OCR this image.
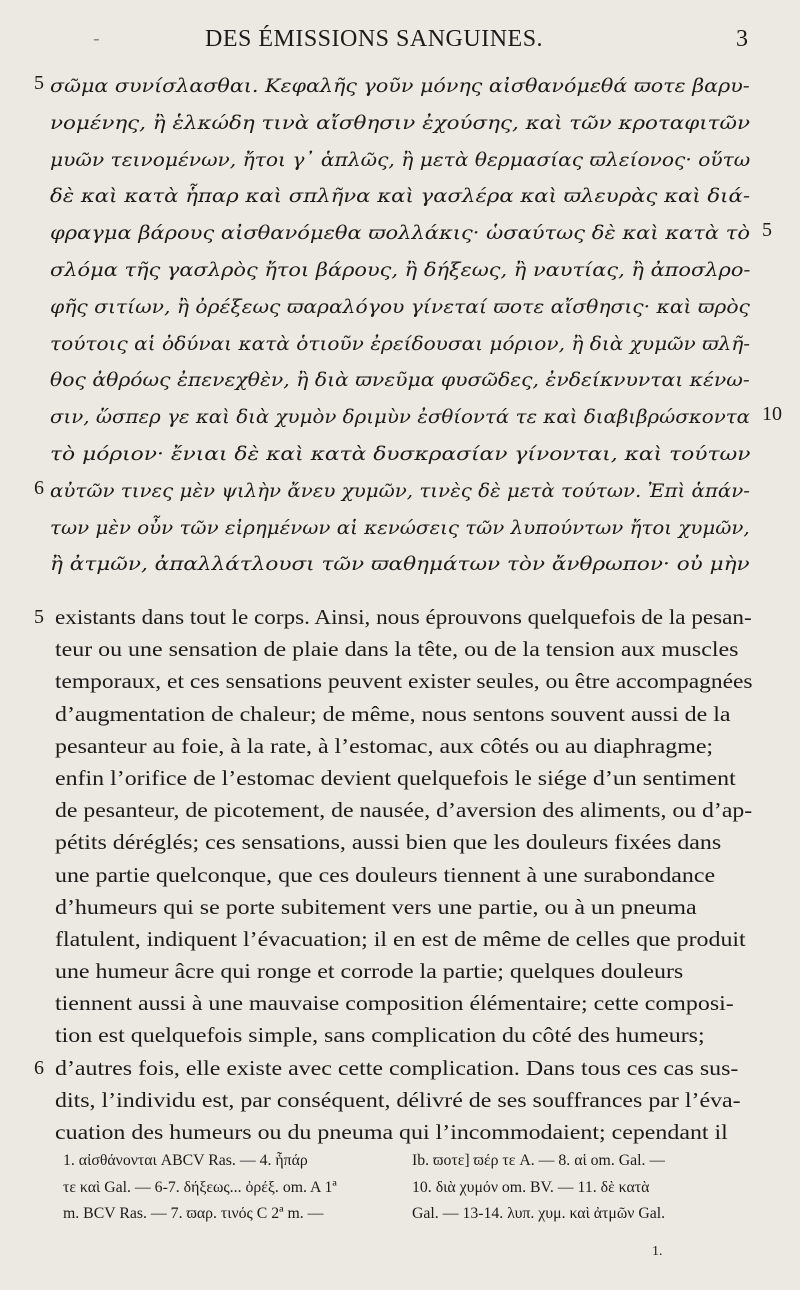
-	DES ÉMISSIONS SANGUINES.	3
σῶμα συνίσλασθαι. Κεφαλῆς γοῦν μόνης αἰσθανόμεθά ϖοτε βαρυ-
νομένης, ἢ ἑλκώδη τινὰ αἴσθησιν ἐχούσης, καὶ τῶν κροταφιτῶν
μυῶν τεινομένων, ἤτοι γ᾽ ἁπλῶς, ἢ μετὰ θερμασίας ϖλείονος· οὕτω
δὲ καὶ κατὰ ἧπαρ καὶ σπλῆνα καὶ γασλέρα καὶ ϖλευρὰς καὶ διά-
φραγμα βάρους αἰσθανόμεθα ϖολλάκις· ὡσαύτως δὲ καὶ κατὰ τὸ
σλόμα τῆς γασλρὸς ἤτοι βάρους, ἢ δήξεως, ἢ ναυτίας, ἢ ἀποσλρο-
φῆς σιτίων, ἢ ὀρέξεως ϖαραλόγου γίνεταί ϖοτε αἴσθησις· καὶ ϖρὸς
τούτοις αἱ ὀδύναι κατὰ ὁτιοῦν ἐρείδουσαι μόριον, ἢ διὰ χυμῶν ϖλῆ-
θος ἀθρόως ἐπενεχθὲν, ἢ διὰ ϖνεῦμα φυσῶδες, ἐνδείκνυνται κένω-
σιν, ὥσπερ γε καὶ διὰ χυμὸν δριμὺν ἐσθίοντά τε καὶ διαβιβρώσκοντα
τὸ μόριον· ἔνιαι δὲ καὶ κατὰ δυσκρασίαν γίνονται, καὶ τούτων
αὐτῶν τινες μὲν ψιλὴν ἄνευ χυμῶν, τινὲς δὲ μετὰ τούτων. Ἐπὶ ἁπάν-
των μὲν οὖν τῶν εἰρημένων αἱ κενώσεις τῶν λυπούντων ἤτοι χυμῶν,
ἢ ἀτμῶν, ἀπαλλάτλουσι τῶν ϖαθημάτων τὸν ἄνθρωπον· οὐ μὴν
5
6
5
10
existants dans tout le corps. Ainsi, nous éprouvons quelquefois de la pesan-
teur ou une sensation de plaie dans la tête, ou de la tension aux muscles
temporaux, et ces sensations peuvent exister seules, ou être accompagnées
d’augmentation de chaleur; de même, nous sentons souvent aussi de la
pesanteur au foie, à la rate, à l’estomac, aux côtés ou au diaphragme;
enfin l’orifice de l’estomac devient quelquefois le siége d’un sentiment
de pesanteur, de picotement, de nausée, d’aversion des aliments, ou d’ap-
pétits déréglés; ces sensations, aussi bien que les douleurs fixées dans
une partie quelconque, que ces douleurs tiennent à une surabondance
d’humeurs qui se porte subitement vers une partie, ou à un pneuma
flatulent, indiquent l’évacuation; il en est de même de celles que produit
une humeur âcre qui ronge et corrode la partie; quelques douleurs
tiennent aussi à une mauvaise composition élémentaire; cette composi-
tion est quelquefois simple, sans complication du côté des humeurs;
d’autres fois, elle existe avec cette complication. Dans tous ces cas sus-
dits, l’individu est, par conséquent, délivré de ses souffrances par l’éva-
cuation des humeurs ou du pneuma qui l’incommodaient; cependant il
5
6
1. αἰσθάνονται ABCV Ras. — 4. ἧπάρ
τε καὶ Gal. — 6-7. δήξεως... ὀρέξ. om. A 1ª
m. BCV Ras. — 7. ϖαρ. τινός C 2ª m. —
Ib. ϖοτε] ϖέρ τε A. — 8. αἱ om. Gal. —
10. διὰ χυμόν om. BV. — 11. δὲ κατὰ
Gal. — 13-14. λυπ. χυμ. καὶ ἀτμῶν Gal.
1.
